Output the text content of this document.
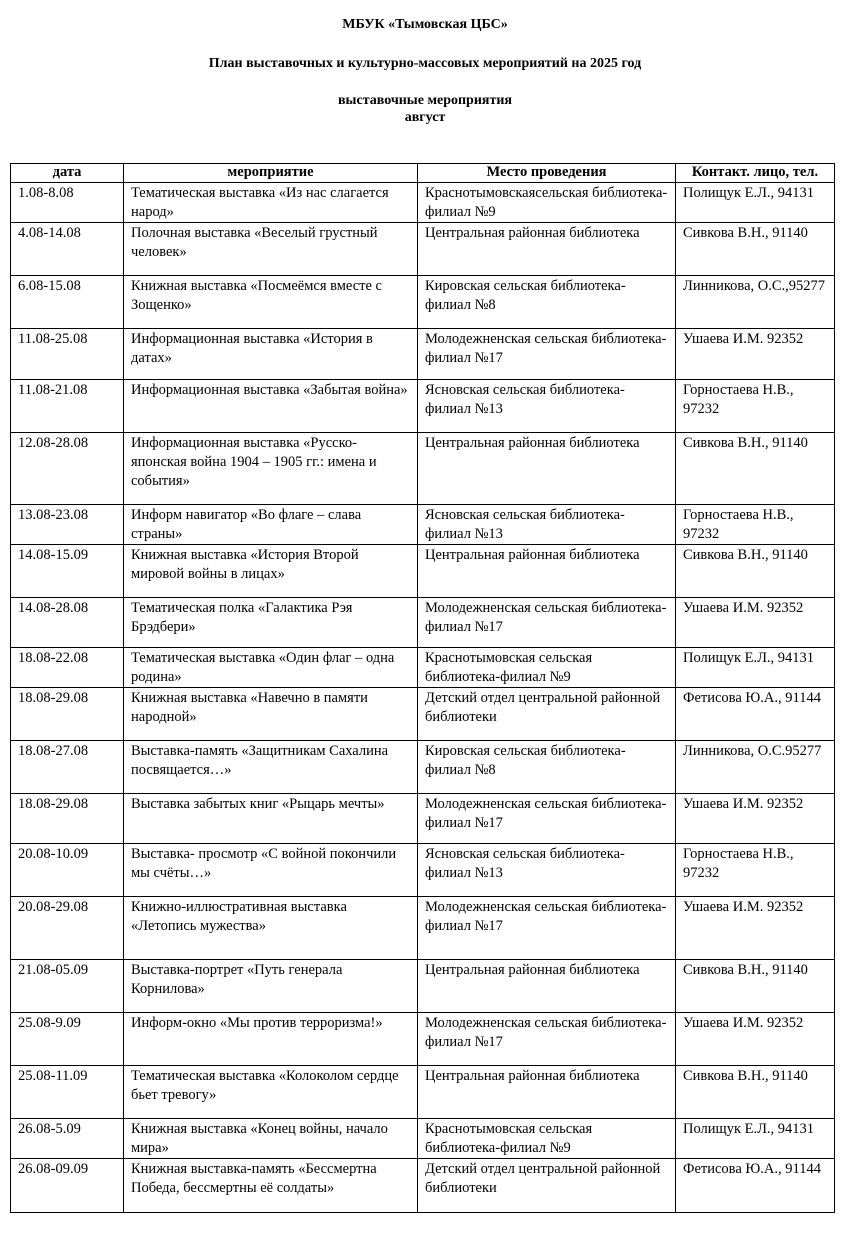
МБУК «Тымовская ЦБС»
План выставочных и культурно-массовых мероприятий на 2025 год
выставочные мероприятия
август
дата	мероприятие	Место проведения	Контакт. лицо, тел.
1.08-8.08	Тематическая выставка «Из нас слагается народ»	Краснотымовскаясельская библиотека-филиал №9	Полищук Е.Л., 94131
4.08-14.08	Полочная выставка «Веселый грустный человек»	Центральная районная библиотека	Сивкова В.Н., 91140
6.08-15.08	Книжная выставка «Посмеёмся вместе с Зощенко»	Кировская сельская библиотека-филиал №8	Линникова, О.С.,95277
11.08-25.08	Информационная выставка «История в датах»	Молодежненская сельская библиотека-филиал №17	Ушаева И.М. 92352
11.08-21.08	Информационная выставка «Забытая война»	Ясновская сельская библиотека-филиал №13	Горностаева Н.В., 97232
12.08-28.08	Информационная выставка «Русско-японская война 1904 – 1905 гг.: имена и события»	Центральная районная библиотека	Сивкова В.Н., 91140
13.08-23.08	Информ навигатор «Во флаге – слава страны»	Ясновская сельская библиотека-филиал №13	Горностаева Н.В., 97232
14.08-15.09	Книжная выставка «История Второй мировой войны в лицах»	Центральная районная библиотека	Сивкова В.Н., 91140
14.08-28.08	Тематическая полка «Галактика Рэя Брэдбери»	Молодежненская сельская библиотека-филиал №17	Ушаева И.М. 92352
18.08-22.08	Тематическая выставка «Один флаг – одна родина»	Краснотымовская сельская библиотека-филиал №9	Полищук Е.Л., 94131
18.08-29.08	Книжная выставка «Навечно в памяти народной»	Детский отдел центральной районной библиотеки	Фетисова Ю.А., 91144
18.08-27.08	Выставка-память «Защитникам Сахалина посвящается…»	Кировская сельская библиотека-филиал №8	Линникова, О.С.95277
18.08-29.08	Выставка забытых книг «Рыцарь мечты»	Молодежненская сельская библиотека-филиал №17	Ушаева И.М. 92352
20.08-10.09	Выставка- просмотр «С войной покончили мы счёты…»	Ясновская сельская библиотека-филиал №13	Горностаева Н.В., 97232
20.08-29.08	Книжно-иллюстративная выставка «Летопись мужества»	Молодежненская сельская библиотека-филиал №17	Ушаева И.М. 92352
21.08-05.09	Выставка-портрет «Путь генерала Корнилова»	Центральная районная библиотека	Сивкова В.Н., 91140
25.08-9.09	Информ-окно «Мы против терроризма!»	Молодежненская сельская библиотека-филиал №17	Ушаева И.М. 92352
25.08-11.09	Тематическая выставка «Колоколом сердце бьет тревогу»	Центральная районная библиотека	Сивкова В.Н., 91140
26.08-5.09	Книжная выставка «Конец войны, начало мира»	Краснотымовская сельская библиотека-филиал №9	Полищук Е.Л., 94131
26.08-09.09	Книжная выставка-память «Бессмертна Победа, бессмертны её солдаты»	Детский отдел центральной районной библиотеки	Фетисова Ю.А., 91144
